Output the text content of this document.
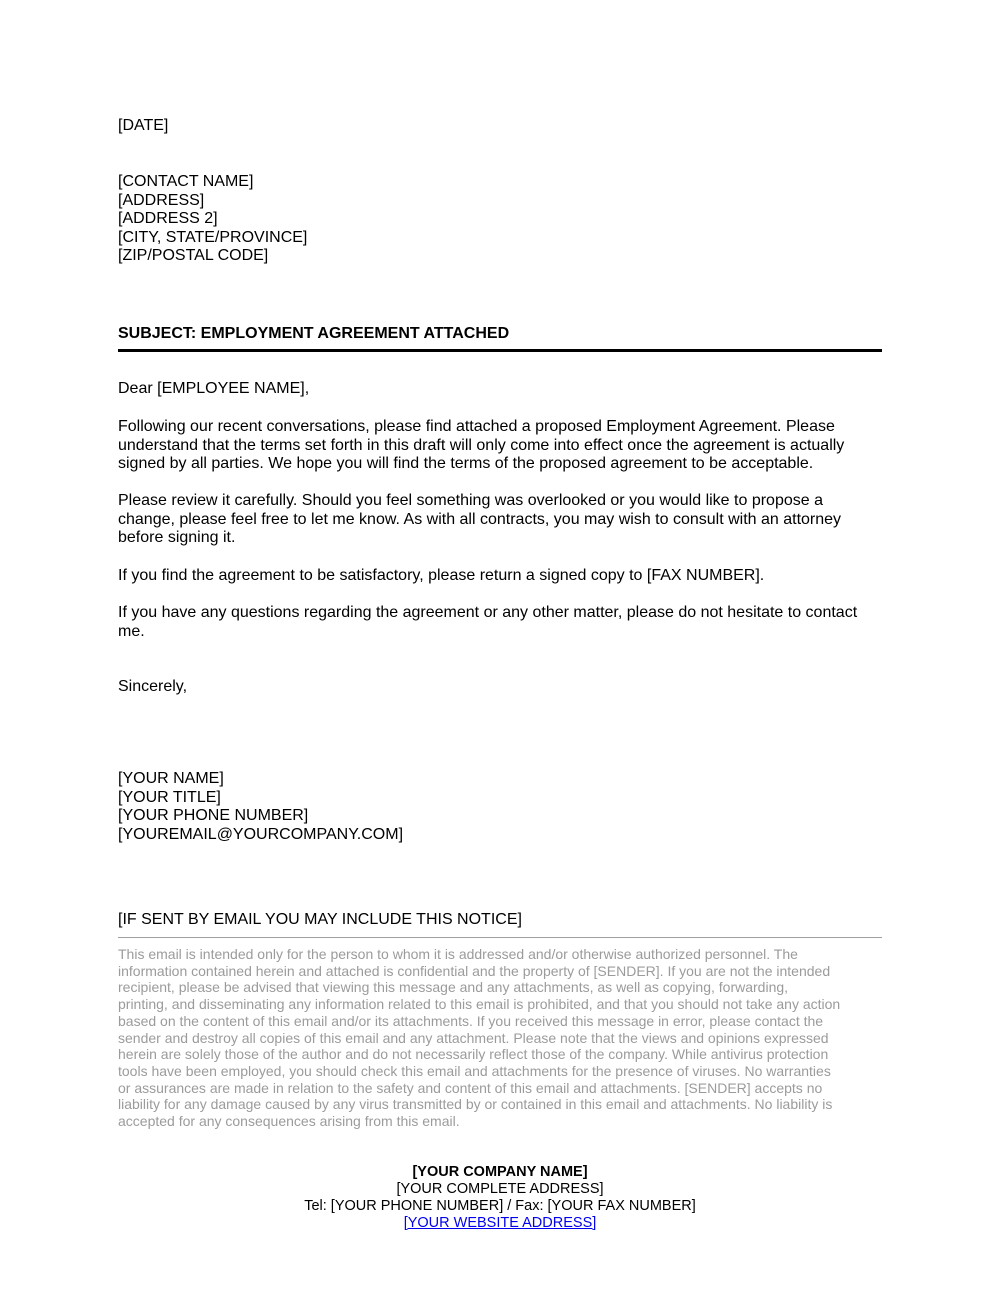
[DATE]
[CONTACT NAME]
[ADDRESS]
[ADDRESS 2]
[CITY, STATE/PROVINCE]
[ZIP/POSTAL CODE]
SUBJECT: EMPLOYMENT AGREEMENT ATTACHED
Dear [EMPLOYEE NAME],
Following our recent conversations, please find attached a proposed Employment Agreement. Please
understand that the terms set forth in this draft will only come into effect once the agreement is actually
signed by all parties. We hope you will find the terms of the proposed agreement to be acceptable.
Please review it carefully. Should you feel something was overlooked or you would like to propose a
change, please feel free to let me know. As with all contracts, you may wish to consult with an attorney
before signing it.
If you find the agreement to be satisfactory, please return a signed copy to [FAX NUMBER].
If you have any questions regarding the agreement or any other matter, please do not hesitate to contact
me.
Sincerely,
[YOUR NAME]
[YOUR TITLE]
[YOUR PHONE NUMBER]
[YOUREMAIL@YOURCOMPANY.COM]
[IF SENT BY EMAIL YOU MAY INCLUDE THIS NOTICE]
This email is intended only for the person to whom it is addressed and/or otherwise authorized personnel. The
information contained herein and attached is confidential and the property of [SENDER]. If you are not the intended
recipient, please be advised that viewing this message and any attachments, as well as copying, forwarding,
printing, and disseminating any information related to this email is prohibited, and that you should not take any action
based on the content of this email and/or its attachments. If you received this message in error, please contact the
sender and destroy all copies of this email and any attachment. Please note that the views and opinions expressed
herein are solely those of the author and do not necessarily reflect those of the company. While antivirus protection
tools have been employed, you should check this email and attachments for the presence of viruses. No warranties
or assurances are made in relation to the safety and content of this email and attachments. [SENDER] accepts no
liability for any damage caused by any virus transmitted by or contained in this email and attachments. No liability is
accepted for any consequences arising from this email.
[YOUR COMPANY NAME]
[YOUR COMPLETE ADDRESS]
Tel: [YOUR PHONE NUMBER] / Fax: [YOUR FAX NUMBER]
[YOUR WEBSITE ADDRESS]
